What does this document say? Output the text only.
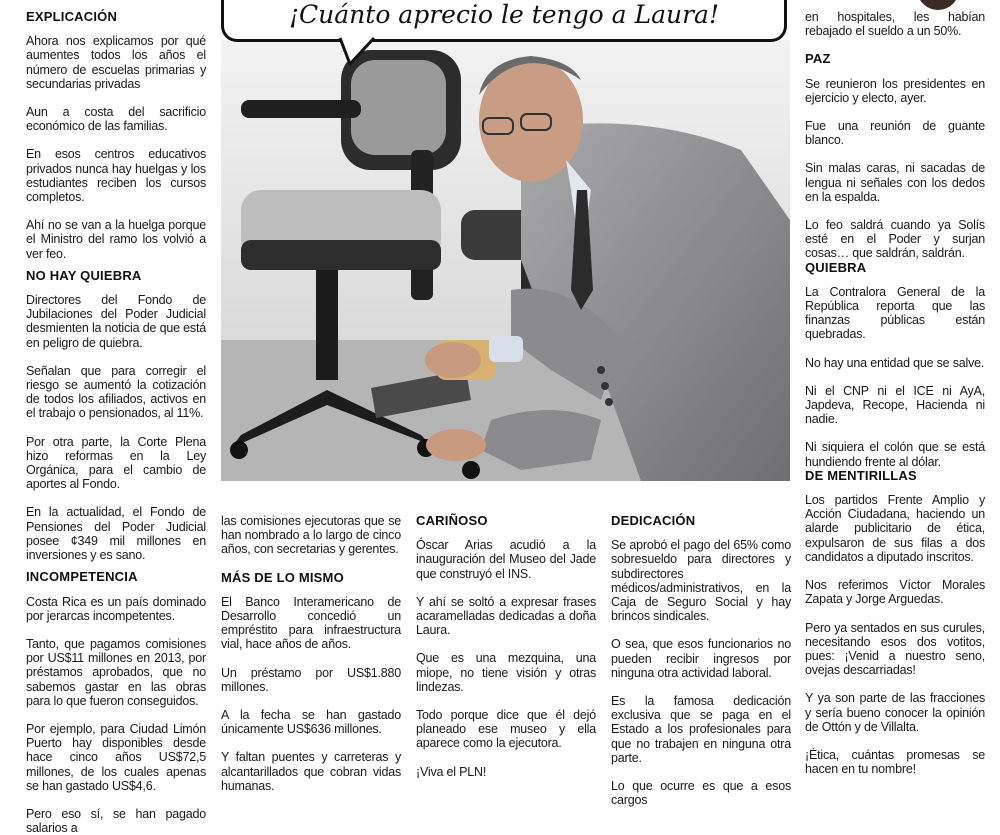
EXPLICACIÓN

Ahora nos explicamos por qué aumentes todos los años el número de escuelas primarias y secundarias privadas

Aun a costa del sacrificio económico de las familias.

En esos centros educativos privados nunca hay huelgas y los estudiantes reciben los cursos completos.

Ahí no se van a la huelga porque el Ministro del ramo los volvió a ver feo.

NO HAY QUIEBRA

Directores del Fondo de Jubilaciones del Poder Judicial desmienten la noticia de que está en peligro de quiebra.

Señalan que para corregir el riesgo se aumentó la cotización de todos los afiliados, activos en el trabajo o pensionados, al 11%.

Por otra parte, la Corte Plena hizo reformas en la Ley Orgánica, para el cambio de aportes al Fondo.

En la actualidad, el Fondo de Pensiones del Poder Judicial posee ¢349 mil millones en inversiones y es sano.

INCOMPETENCIA

Costa Rica es un país dominado por jerarcas incompetentes.

Tanto, que pagamos comisiones por US$11 millones en 2013, por préstamos aprobados, que no sabemos gastar en las obras para lo que fueron conseguidos.

Por ejemplo, para Ciudad Limón Puerto hay disponibles desde hace cinco años US$72,5 millones, de los cuales apenas se han gastado US$4,6.

Pero eso sí, se han pagado salarios a

¡Cuánto aprecio le tengo a Laura!

las comisiones ejecutoras que se han nombrado a lo largo de cinco años, con secretarias y gerentes.

MÁS DE LO MISMO

El Banco Interamericano de Desarrollo concedió un empréstito para infraestructura vial, hace años de años.

Un préstamo por US$1.880 millones.

A la fecha se han gastado únicamente US$636 millones.

Y faltan puentes y carreteras y alcantarillados que cobran vidas humanas.

CARIÑOSO

Óscar Arias acudió a la inauguración del Museo del Jade que construyó el INS.

Y ahí se soltó a expresar frases acaramelladas dedicadas a doña Laura.

Que es una mezquina, una miope, no tiene visión y otras lindezas.

Todo porque dice que él dejó planeado ese museo y ella aparece como la ejecutora.

¡Viva el PLN!

DEDICACIÓN

Se aprobó el pago del 65% como sobresueldo para directores y subdirectores médicos/administrativos, en la Caja de Seguro Social y hay brincos sindicales.

O sea, que esos funcionarios no pueden recibir ingresos por ninguna otra actividad laboral.

Es la famosa dedicación exclusiva que se paga en el Estado a los profesionales para que no trabajen en ninguna otra parte.

Lo que ocurre es que a esos cargos

en hospitales, les habían rebajado el sueldo a un 50%.

PAZ

Se reunieron los presidentes en ejercicio y electo, ayer.

Fue una reunión de guante blanco.

Sin malas caras, ni sacadas de lengua ni señales con los dedos en la espalda.

Lo feo saldrá cuando ya Solís esté en el Poder y surjan cosas… que saldrán, saldrán.

QUIEBRA

La Contralora General de la República reporta que las finanzas públicas están quebradas.

No hay una entidad que se salve.

Ni el CNP ni el ICE ni AyA, Japdeva, Recope, Hacienda ni nadie.

Ni siquiera el colón que se está hundiendo frente al dólar.

DE MENTIRILLAS

Los partidos Frente Amplio y Acción Ciudadana, haciendo un alarde publicitario de ética, expulsaron de sus filas a dos candidatos a diputado inscritos.

Nos referimos Víctor Morales Zapata y Jorge Arguedas.

Pero ya sentados en sus curules, necesitando esos dos votitos, pues: ¡Venid a nuestro seno, ovejas descarriadas!

Y ya son parte de las fracciones y sería bueno conocer la opinión de Ottón y de Villalta.

¡Ética, cuántas promesas se hacen en tu nombre!
